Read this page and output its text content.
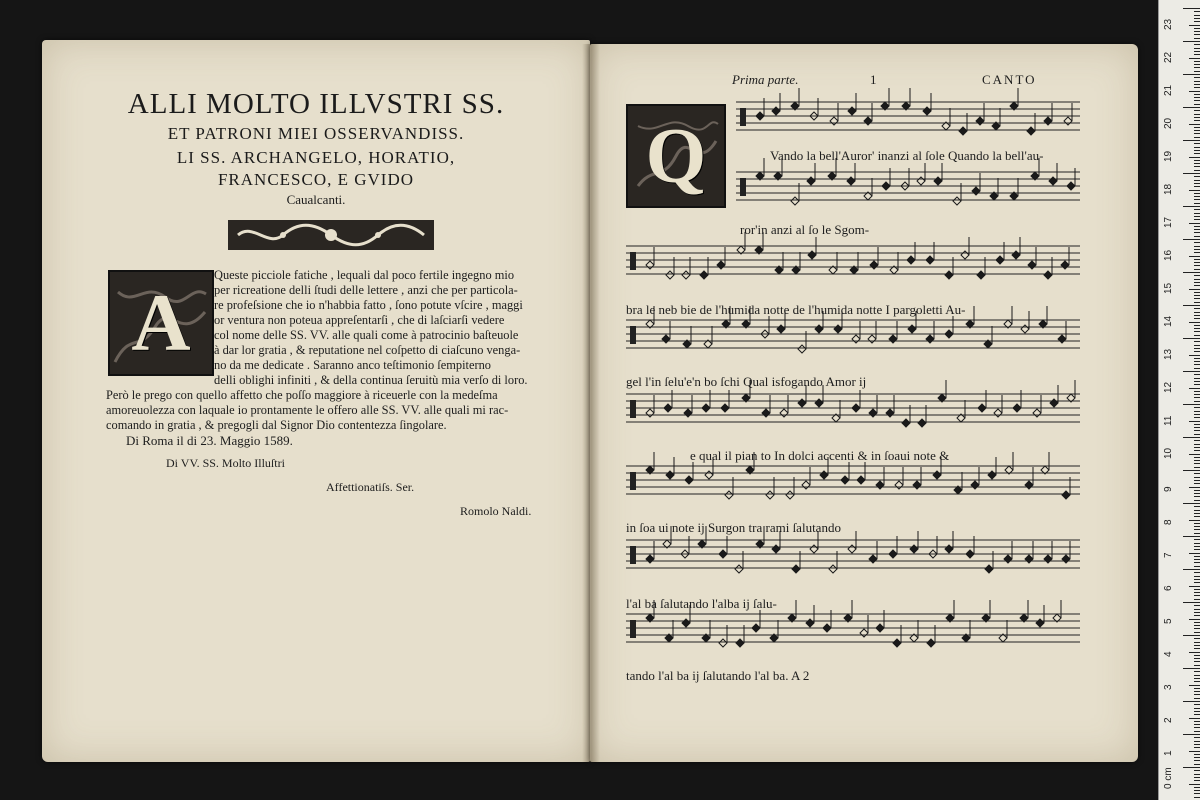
ALLI MOLTO ILLVSTRI SS.
ET PATRONI MIEI OSSERVANDISS.
LI SS. ARCHANGELO, HORATIO,
FRANCESCO, E GVIDO
Caualcanti.
A
Queste picciole fatiche , lequali dal poco fertile ingegno mio
per ricreatione delli ſtudi delle lettere , anzi che per particola-
re profeſsione che io n'habbia fatto , ſono potute vſcire , maggi
or ventura non poteua appreſentarſi , che di laſciarſi vedere
col nome delle SS. VV. alle quali come à patrocinio baſteuole
à dar lor gratia , & reputatione nel coſpetto di ciaſcuno venga-
no da me dedicate . Saranno anco teſtimonio ſempiterno
delli oblighi infiniti , & della continua ſeruitù mia verſo di loro.
Però le prego con quello affetto che poſſo maggiore à riceuerle con la medeſma
amoreuolezza con laquale io prontamente le offero alle SS. VV. alle quali mi rac-
comando in gratia , & pregogli dal Signor Dio contentezza ſingolare.
Di Roma il di 23. Maggio 1589.
Di VV. SS. Molto Illuſtri
Affettionatiſs. Ser.
Romolo Naldi.
Prima parte.	1	CANTO
Q	Vando la bell'Auror' inanzi al ſole Quando la bell'au-
ror'in anzi al ſo le Sgom-
bra le neb bie de l'humida notte de l'humida notte I pargoletti Au-
gel l'in ſelu'e'n bo ſchi Qual isfogando Amor ij
e qual il pian to In dolci accenti & in ſoaui note &
in ſoa ui note ij Surgon tra rami ſalutando
l'al ba ſalutando l'alba ij ſalu-
tando l'al ba ij ſalutando l'al ba. A 2
23
22
21
20
19
18
17
16
15
14
13
12
11
10
9
8
7
6
5
4
3
2
1
0 cm
